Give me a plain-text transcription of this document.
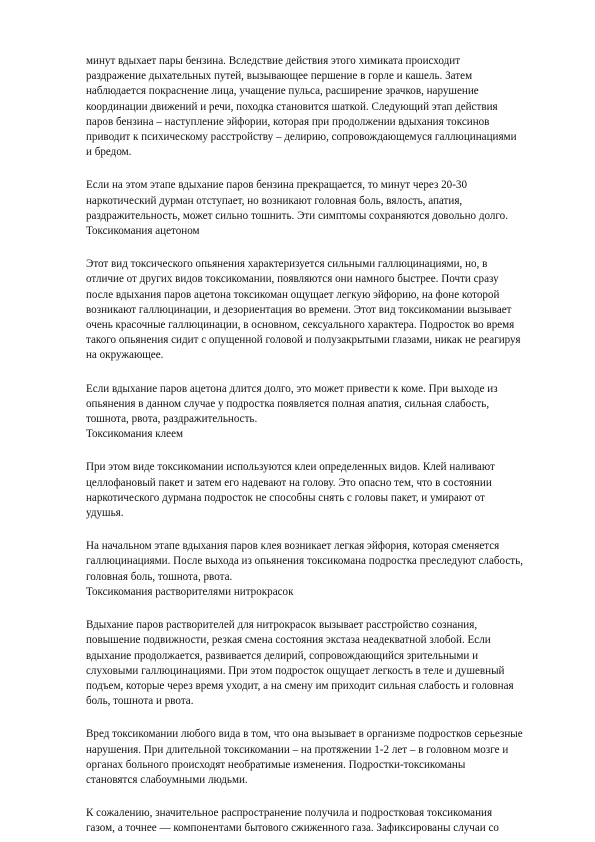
минут вдыхает пары бензина. Вследствие действия этого химиката происходит
раздражение дыхательных путей, вызывающее першение в горле и кашель. Затем
наблюдается покраснение лица, учащение пульса, расширение зрачков, нарушение
координации движений и речи, походка становится шаткой. Следующий этап действия
паров бензина – наступление эйфории, которая при продолжении вдыхания токсинов
приводит к психическому расстройству – делирию, сопровождающемуся галлюцинациями
и бредом.

Если на этом этапе вдыхание паров бензина прекращается, то минут через 20-30
наркотический дурман отступает, но возникают головная боль, вялость, апатия,
раздражительность, может сильно тошнить. Эти симптомы сохраняются довольно долго.
Токсикомания ацетоном

Этот вид токсического опьянения характеризуется сильными галлюцинациями, но, в
отличие от других видов токсикомании, появляются они намного быстрее. Почти сразу
после вдыхания паров ацетона токсикоман ощущает легкую эйфорию, на фоне которой
возникают галлюцинации, и дезориентация во времени. Этот вид токсикомании вызывает
очень красочные галлюцинации, в основном, сексуального характера. Подросток во время
такого опьянения сидит с опущенной головой и полузакрытыми глазами, никак не реагируя
на окружающее.

Если вдыхание паров ацетона длится долго, это может привести к коме. При выходе из
опьянения в данном случае у подростка появляется полная апатия, сильная слабость,
тошнота, рвота, раздражительность.
Токсикомания клеем

При этом виде токсикомании используются клеи определенных видов. Клей наливают
целлофановый пакет и затем его надевают на голову. Это опасно тем, что в состоянии
наркотического дурмана подросток не способны снять с головы пакет, и умирают от
удушья.

На начальном этапе вдыхания паров клея возникает легкая эйфория, которая сменяется
галлюцинациями. После выхода из опьянения токсикомана подростка преследуют слабость,
головная боль, тошнота, рвота.
Токсикомания растворителями нитрокрасок

Вдыхание паров растворителей для нитрокрасок вызывает расстройство сознания,
повышение подвижности, резкая смена состояния экстаза неадекватной злобой. Если
вдыхание продолжается, развивается делирий, сопровождающийся зрительными и
слуховыми галлюцинациями. При этом подросток ощущает легкость в теле и душевный
подъем, которые через время уходит, а на смену им приходит сильная слабость и головная
боль, тошнота и рвота.

Вред токсикомании любого вида в том, что она вызывает в организме подростков серьезные
нарушения. При длительной токсикомании – на протяжении 1-2 лет – в головном мозге и
органах больного происходят необратимые изменения. Подростки-токсикоманы
становятся слабоумными людьми.

К сожалению, значительное распространение получила и подростковая токсикомания
газом, а точнее — компонентами бытового сжиженного газа. Зафиксированы случаи со
